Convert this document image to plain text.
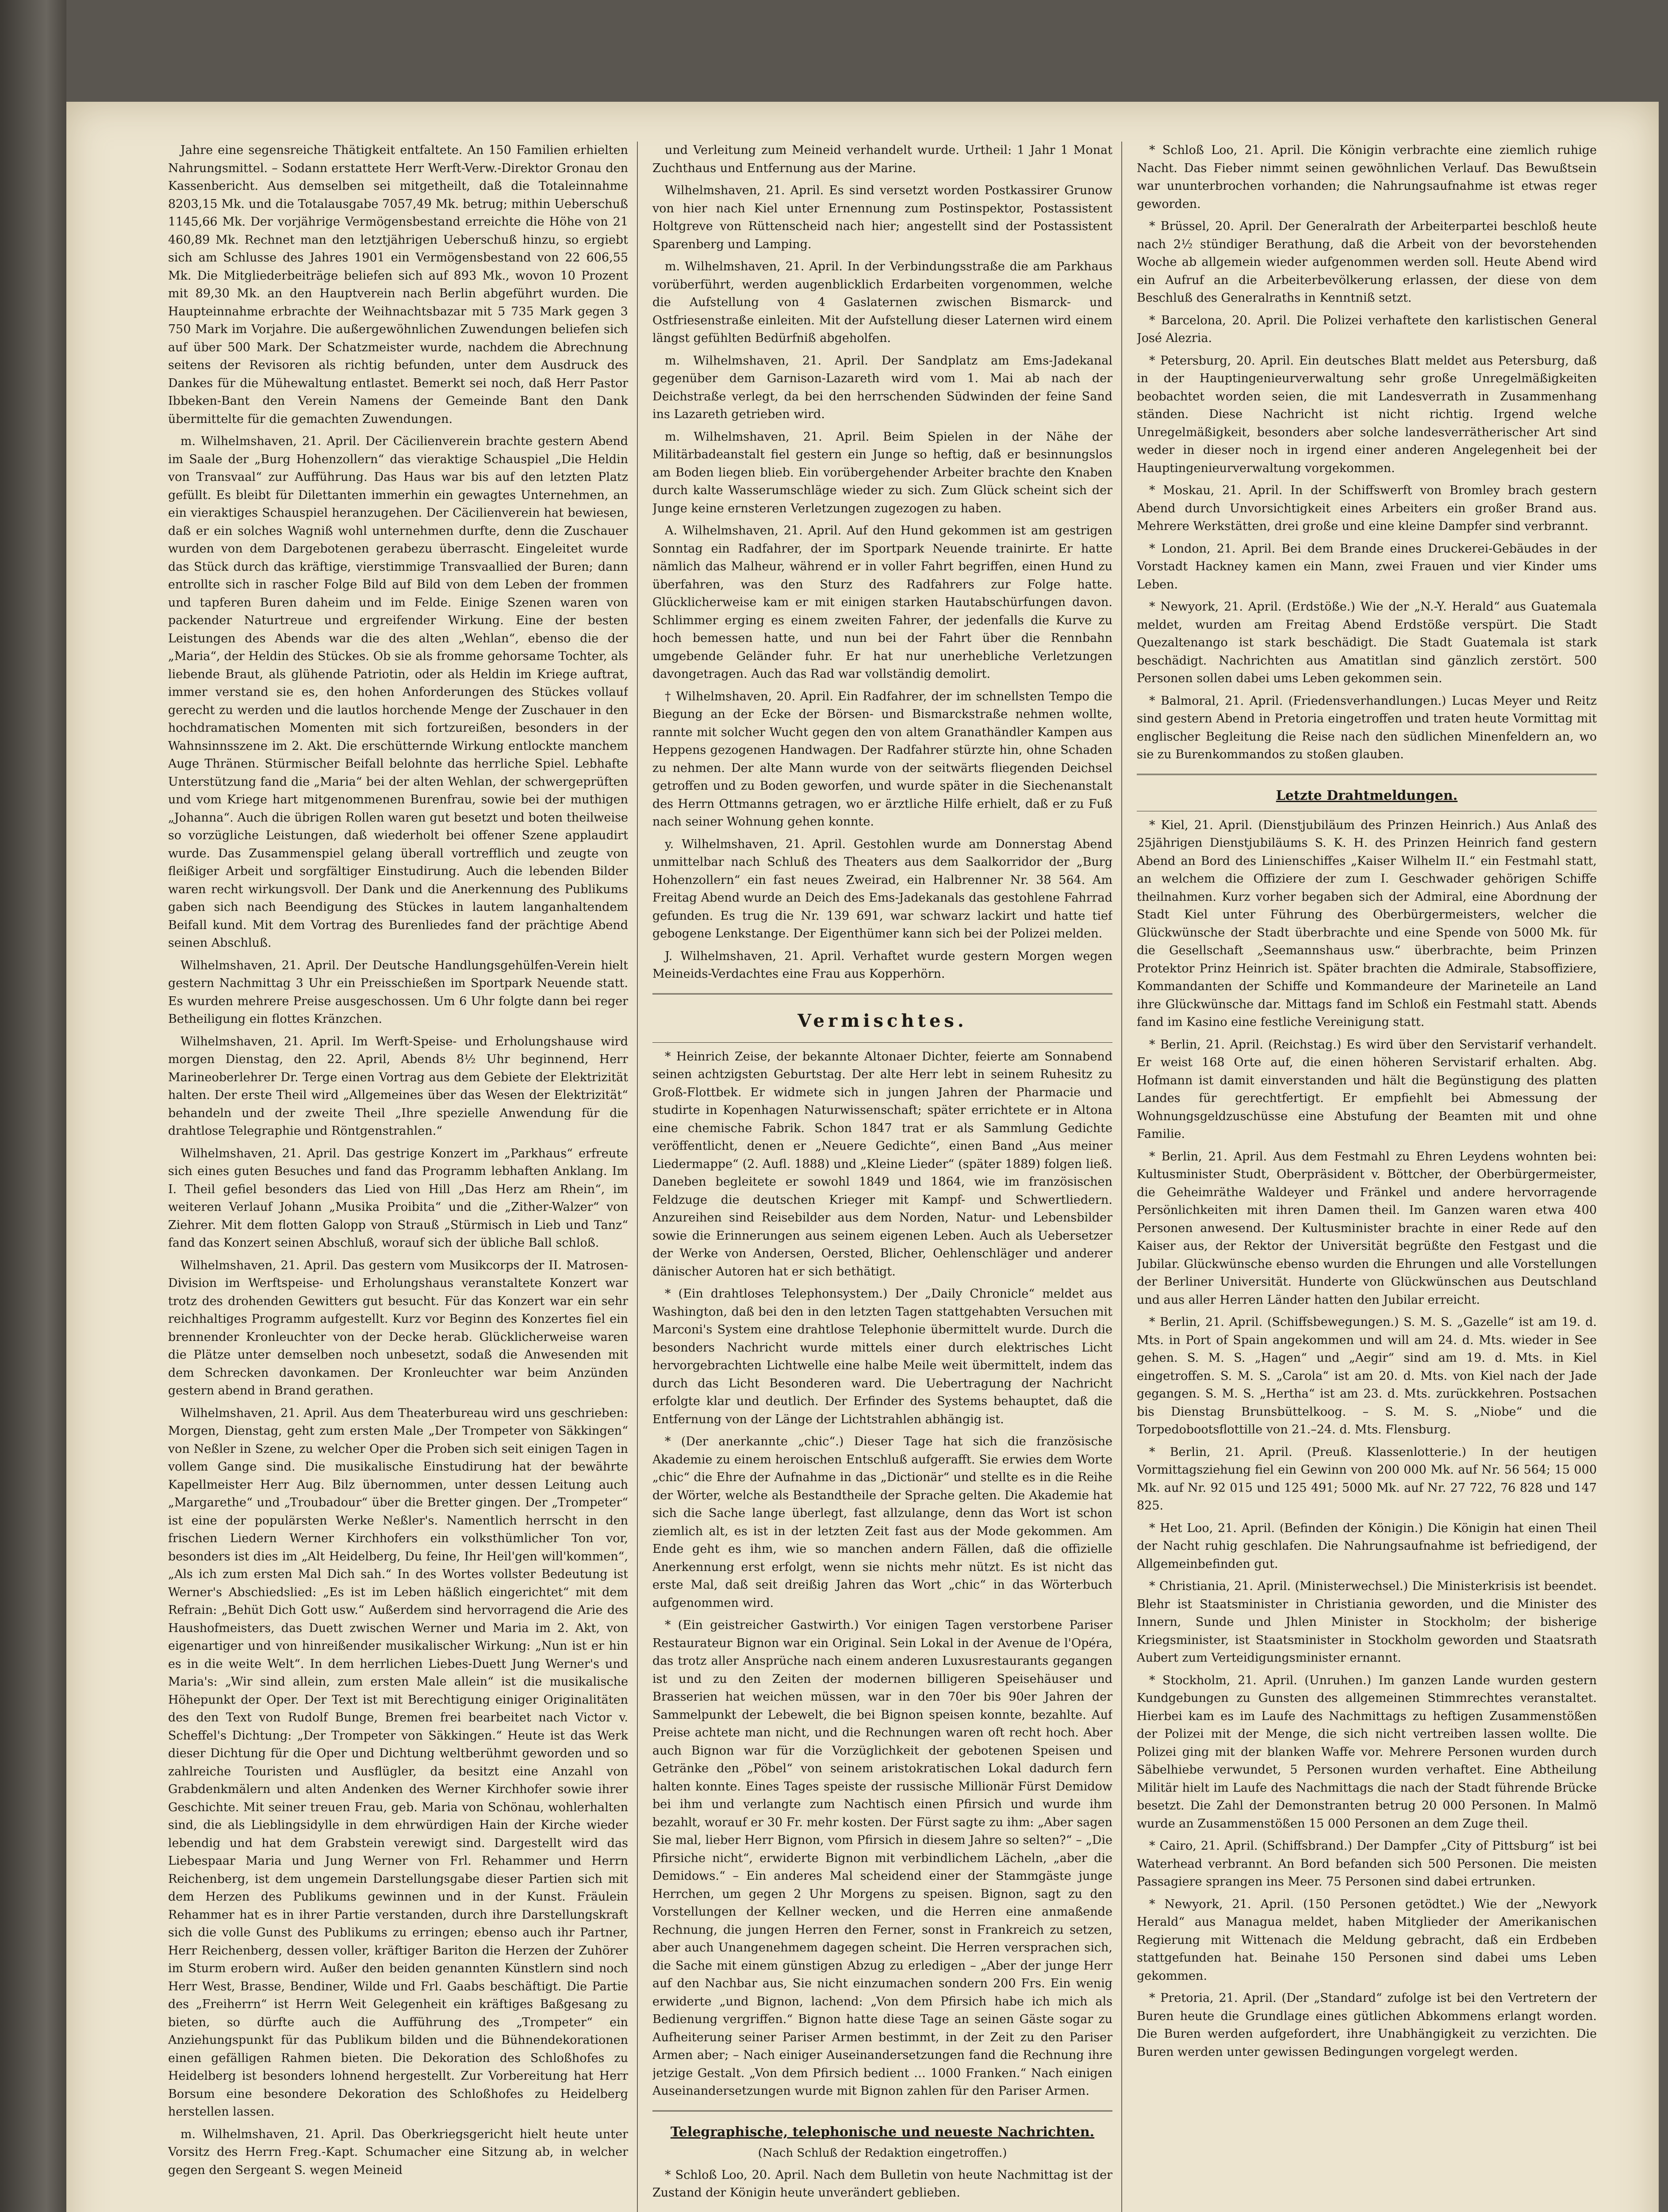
Jahre eine segensreiche Thätigkeit entfaltete. An 150 Familien erhielten Nahrungsmittel. – Sodann erstattete Herr Werft-Verw.-Direktor Gronau den Kassenbericht. Aus demselben sei mitgetheilt, daß die Totaleinnahme 8203,15 Mk. und die Totalausgabe 7057,49 Mk. betrug; mithin Ueberschuß 1145,66 Mk. Der vorjährige Vermögensbestand erreichte die Höhe von 21 460,89 Mk. Rechnet man den letztjährigen Ueberschuß hinzu, so ergiebt sich am Schlusse des Jahres 1901 ein Vermögensbestand von 22 606,55 Mk. Die Mitgliederbeiträge beliefen sich auf 893 Mk., wovon 10 Prozent mit 89,30 Mk. an den Hauptverein nach Berlin abgeführt wurden. Die Haupteinnahme erbrachte der Weihnachtsbazar mit 5 735 Mark gegen 3 750 Mark im Vorjahre. Die außergewöhnlichen Zuwendungen beliefen sich auf über 500 Mark. Der Schatzmeister wurde, nachdem die Abrechnung seitens der Revisoren als richtig befunden, unter dem Ausdruck des Dankes für die Mühewaltung entlastet. Bemerkt sei noch, daß Herr Pastor Ibbeken-Bant den Verein Namens der Gemeinde Bant den Dank übermittelte für die gemachten Zuwendungen.

m. Wilhelmshaven, 21. April. Der Cäcilienverein brachte gestern Abend im Saale der „Burg Hohenzollern“ das vieraktige Schauspiel „Die Heldin von Transvaal“ zur Aufführung. Das Haus war bis auf den letzten Platz gefüllt. Es bleibt für Dilettanten immerhin ein gewagtes Unternehmen, an ein vieraktiges Schauspiel heranzugehen. Der Cäcilienverein hat bewiesen, daß er ein solches Wagniß wohl unternehmen durfte, denn die Zuschauer wurden von dem Dargebotenen gerabezu überrascht. Eingeleitet wurde das Stück durch das kräftige, vierstimmige Transvaallied der Buren; dann entrollte sich in rascher Folge Bild auf Bild von dem Leben der frommen und tapferen Buren daheim und im Felde. Einige Szenen waren von packender Naturtreue und ergreifender Wirkung. Eine der besten Leistungen des Abends war die des alten „Wehlan“, ebenso die der „Maria“, der Heldin des Stückes. Ob sie als fromme gehorsame Tochter, als liebende Braut, als glühende Patriotin, oder als Heldin im Kriege auftrat, immer verstand sie es, den hohen Anforderungen des Stückes vollauf gerecht zu werden und die lautlos horchende Menge der Zuschauer in den hochdramatischen Momenten mit sich fortzureißen, besonders in der Wahnsinnsszene im 2. Akt. Die erschütternde Wirkung entlockte manchem Auge Thränen. Stürmischer Beifall belohnte das herrliche Spiel. Lebhafte Unterstützung fand die „Maria“ bei der alten Wehlan, der schwergeprüften und vom Kriege hart mitgenommenen Burenfrau, sowie bei der muthigen „Johanna“. Auch die übrigen Rollen waren gut besetzt und boten theilweise so vorzügliche Leistungen, daß wiederholt bei offener Szene applaudirt wurde. Das Zusammenspiel gelang überall vortrefflich und zeugte von fleißiger Arbeit und sorgfältiger Einstudirung. Auch die lebenden Bilder waren recht wirkungsvoll. Der Dank und die Anerkennung des Publikums gaben sich nach Beendigung des Stückes in lautem langanhaltendem Beifall kund. Mit dem Vortrag des Burenliedes fand der prächtige Abend seinen Abschluß.

Wilhelmshaven, 21. April. Der Deutsche Handlungsgehülfen-Verein hielt gestern Nachmittag 3 Uhr ein Preisschießen im Sportpark Neuende statt. Es wurden mehrere Preise ausgeschossen. Um 6 Uhr folgte dann bei reger Betheiligung ein flottes Kränzchen.

Wilhelmshaven, 21. April. Im Werft-Speise- und Erholungshause wird morgen Dienstag, den 22. April, Abends 8½ Uhr beginnend, Herr Marineoberlehrer Dr. Terge einen Vortrag aus dem Gebiete der Elektrizität halten. Der erste Theil wird „Allgemeines über das Wesen der Elektrizität“ behandeln und der zweite Theil „Ihre spezielle Anwendung für die drahtlose Telegraphie und Röntgenstrahlen.“

Wilhelmshaven, 21. April. Das gestrige Konzert im „Parkhaus“ erfreute sich eines guten Besuches und fand das Programm lebhaften Anklang. Im I. Theil gefiel besonders das Lied von Hill „Das Herz am Rhein“, im weiteren Verlauf Johann „Musika Proibita“ und die „Zither-Walzer“ von Ziehrer. Mit dem flotten Galopp von Strauß „Stürmisch in Lieb und Tanz“ fand das Konzert seinen Abschluß, worauf sich der übliche Ball schloß.

Wilhelmshaven, 21. April. Das gestern vom Musikcorps der II. Matrosen-Division im Werftspeise- und Erholungshaus veranstaltete Konzert war trotz des drohenden Gewitters gut besucht. Für das Konzert war ein sehr reichhaltiges Programm aufgestellt. Kurz vor Beginn des Konzertes fiel ein brennender Kronleuchter von der Decke herab. Glücklicherweise waren die Plätze unter demselben noch unbesetzt, sodaß die Anwesenden mit dem Schrecken davonkamen. Der Kronleuchter war beim Anzünden gestern abend in Brand gerathen.

Wilhelmshaven, 21. April. Aus dem Theaterbureau wird uns geschrieben: Morgen, Dienstag, geht zum ersten Male „Der Trompeter von Säkkingen“ von Neßler in Szene, zu welcher Oper die Proben sich seit einigen Tagen in vollem Gange sind. Die musikalische Einstudirung hat der bewährte Kapellmeister Herr Aug. Bilz übernommen, unter dessen Leitung auch „Margarethe“ und „Troubadour“ über die Bretter gingen. Der „Trompeter“ ist eine der populärsten Werke Neßler's. Namentlich herrscht in den frischen Liedern Werner Kirchhofers ein volksthümlicher Ton vor, besonders ist dies im „Alt Heidelberg, Du feine, Ihr Heil'gen will'kommen“, „Als ich zum ersten Mal Dich sah.“ In des Wortes vollster Bedeutung ist Werner's Abschiedslied: „Es ist im Leben häßlich eingerichtet“ mit dem Refrain: „Behüt Dich Gott usw.“ Außerdem sind hervorragend die Arie des Haushofmeisters, das Duett zwischen Werner und Maria im 2. Akt, von eigenartiger und von hinreißender musikalischer Wirkung: „Nun ist er hin es in die weite Welt“. In dem herrlichen Liebes-Duett Jung Werner's und Maria's: „Wir sind allein, zum ersten Male allein“ ist die musikalische Höhepunkt der Oper. Der Text ist mit Berechtigung einiger Originalitäten des den Text von Rudolf Bunge, Bremen frei bearbeitet nach Victor v. Scheffel's Dichtung: „Der Trompeter von Säkkingen.“ Heute ist das Werk dieser Dichtung für die Oper und Dichtung weltberühmt geworden und so zahlreiche Touristen und Ausflügler, da besitzt eine Anzahl von Grabdenkmälern und alten Andenken des Werner Kirchhofer sowie ihrer Geschichte. Mit seiner treuen Frau, geb. Maria von Schönau, wohlerhalten sind, die als Lieblingsidylle in dem ehrwürdigen Hain der Kirche wieder lebendig und hat dem Grabstein verewigt sind. Dargestellt wird das Liebespaar Maria und Jung Werner von Frl. Rehammer und Herrn Reichenberg, ist dem ungemein Darstellungsgabe dieser Partien sich mit dem Herzen des Publikums gewinnen und in der Kunst. Fräulein Rehammer hat es in ihrer Partie verstanden, durch ihre Darstellungskraft sich die volle Gunst des Publikums zu erringen; ebenso auch ihr Partner, Herr Reichenberg, dessen voller, kräftiger Bariton die Herzen der Zuhörer im Sturm erobern wird. Außer den beiden genannten Künstlern sind noch Herr West, Brasse, Bendiner, Wilde und Frl. Gaabs beschäftigt. Die Partie des „Freiherrn“ ist Herrn Weit Gelegenheit ein kräftiges Baßgesang zu bieten, so dürfte auch die Aufführung des „Trompeter“ ein Anziehungspunkt für das Publikum bilden und die Bühnendekorationen einen gefälligen Rahmen bieten. Die Dekoration des Schloßhofes zu Heidelberg ist besonders lohnend hergestellt. Zur Vorbereitung hat Herr Borsum eine besondere Dekoration des Schloßhofes zu Heidelberg herstellen lassen.

m. Wilhelmshaven, 21. April. Das Oberkriegsgericht hielt heute unter Vorsitz des Herrn Freg.-Kapt. Schumacher eine Sitzung ab, in welcher gegen den Sergeant S. wegen Meineid

und Verleitung zum Meineid verhandelt wurde. Urtheil: 1 Jahr 1 Monat Zuchthaus und Entfernung aus der Marine.

Wilhelmshaven, 21. April. Es sind versetzt worden Postkassirer Grunow von hier nach Kiel unter Ernennung zum Postinspektor, Postassistent Holtgreve von Rüttenscheid nach hier; angestellt sind der Postassistent Sparenberg und Lamping.

m. Wilhelmshaven, 21. April. In der Verbindungsstraße die am Parkhaus vorüberführt, werden augenblicklich Erdarbeiten vorgenommen, welche die Aufstellung von 4 Gaslaternen zwischen Bismarck- und Ostfriesenstraße einleiten. Mit der Aufstellung dieser Laternen wird einem längst gefühlten Bedürfniß abgeholfen.

m. Wilhelmshaven, 21. April. Der Sandplatz am Ems-Jadekanal gegenüber dem Garnison-Lazareth wird vom 1. Mai ab nach der Deichstraße verlegt, da bei den herrschenden Südwinden der feine Sand ins Lazareth getrieben wird.

m. Wilhelmshaven, 21. April. Beim Spielen in der Nähe der Militärbadeanstalt fiel gestern ein Junge so heftig, daß er besinnungslos am Boden liegen blieb. Ein vorübergehender Arbeiter brachte den Knaben durch kalte Wasserumschläge wieder zu sich. Zum Glück scheint sich der Junge keine ernsteren Verletzungen zugezogen zu haben.

A. Wilhelmshaven, 21. April. Auf den Hund gekommen ist am gestrigen Sonntag ein Radfahrer, der im Sportpark Neuende trainirte. Er hatte nämlich das Malheur, während er in voller Fahrt begriffen, einen Hund zu überfahren, was den Sturz des Radfahrers zur Folge hatte. Glücklicherweise kam er mit einigen starken Hautabschürfungen davon. Schlimmer erging es einem zweiten Fahrer, der jedenfalls die Kurve zu hoch bemessen hatte, und nun bei der Fahrt über die Rennbahn umgebende Geländer fuhr. Er hat nur unerhebliche Verletzungen davongetragen. Auch das Rad war vollständig demolirt.

† Wilhelmshaven, 20. April. Ein Radfahrer, der im schnellsten Tempo die Biegung an der Ecke der Börsen- und Bismarckstraße nehmen wollte, rannte mit solcher Wucht gegen den von altem Granathändler Kampen aus Heppens gezogenen Handwagen. Der Radfahrer stürzte hin, ohne Schaden zu nehmen. Der alte Mann wurde von der seitwärts fliegenden Deichsel getroffen und zu Boden geworfen, und wurde später in die Siechenanstalt des Herrn Ottmanns getragen, wo er ärztliche Hilfe erhielt, daß er zu Fuß nach seiner Wohnung gehen konnte.

y. Wilhelmshaven, 21. April. Gestohlen wurde am Donnerstag Abend unmittelbar nach Schluß des Theaters aus dem Saalkorridor der „Burg Hohenzollern“ ein fast neues Zweirad, ein Halbrenner Nr. 38 564. Am Freitag Abend wurde an Deich des Ems-Jadekanals das gestohlene Fahrrad gefunden. Es trug die Nr. 139 691, war schwarz lackirt und hatte tief gebogene Lenkstange. Der Eigenthümer kann sich bei der Polizei melden.

J. Wilhelmshaven, 21. April. Verhaftet wurde gestern Morgen wegen Meineids-Verdachtes eine Frau aus Kopperhörn.

Vermischtes.

* Heinrich Zeise, der bekannte Altonaer Dichter, feierte am Sonnabend seinen achtzigsten Geburtstag. Der alte Herr lebt in seinem Ruhesitz zu Groß-Flottbek. Er widmete sich in jungen Jahren der Pharmacie und studirte in Kopenhagen Naturwissenschaft; später errichtete er in Altona eine chemische Fabrik. Schon 1847 trat er als Sammlung Gedichte veröffentlicht, denen er „Neuere Gedichte“, einen Band „Aus meiner Liedermappe“ (2. Aufl. 1888) und „Kleine Lieder“ (später 1889) folgen ließ. Daneben begleitete er sowohl 1849 und 1864, wie im französischen Feldzuge die deutschen Krieger mit Kampf- und Schwertliedern. Anzureihen sind Reisebilder aus dem Norden, Natur- und Lebensbilder sowie die Erinnerungen aus seinem eigenen Leben. Auch als Uebersetzer der Werke von Andersen, Oersted, Blicher, Oehlenschläger und anderer dänischer Autoren hat er sich bethätigt.

* (Ein drahtloses Telephonsystem.) Der „Daily Chronicle“ meldet aus Washington, daß bei den in den letzten Tagen stattgehabten Versuchen mit Marconi's System eine drahtlose Telephonie übermittelt wurde. Durch die besonders Nachricht wurde mittels einer durch elektrisches Licht hervorgebrachten Lichtwelle eine halbe Meile weit übermittelt, indem das durch das Licht Besonderen ward. Die Uebertragung der Nachricht erfolgte klar und deutlich. Der Erfinder des Systems behauptet, daß die Entfernung von der Länge der Lichtstrahlen abhängig ist.

* (Der anerkannte „chic“.) Dieser Tage hat sich die französische Akademie zu einem heroischen Entschluß aufgerafft. Sie erwies dem Worte „chic“ die Ehre der Aufnahme in das „Dictionär“ und stellte es in die Reihe der Wörter, welche als Bestandtheile der Sprache gelten. Die Akademie hat sich die Sache lange überlegt, fast allzulange, denn das Wort ist schon ziemlich alt, es ist in der letzten Zeit fast aus der Mode gekommen. Am Ende geht es ihm, wie so manchen andern Fällen, daß die offizielle Anerkennung erst erfolgt, wenn sie nichts mehr nützt. Es ist nicht das erste Mal, daß seit dreißig Jahren das Wort „chic“ in das Wörterbuch aufgenommen wird.

* (Ein geistreicher Gastwirth.) Vor einigen Tagen verstorbene Pariser Restaurateur Bignon war ein Original. Sein Lokal in der Avenue de l'Opéra, das trotz aller Ansprüche nach einem anderen Luxusrestaurants gegangen ist und zu den Zeiten der modernen billigeren Speisehäuser und Brasserien hat weichen müssen, war in den 70er bis 90er Jahren der Sammelpunkt der Lebewelt, die bei Bignon speisen konnte, bezahlte. Auf Preise achtete man nicht, und die Rechnungen waren oft recht hoch. Aber auch Bignon war für die Vorzüglichkeit der gebotenen Speisen und Getränke den „Pöbel“ von seinem aristokratischen Lokal dadurch fern halten konnte. Eines Tages speiste der russische Millionär Fürst Demidow bei ihm und verlangte zum Nachtisch einen Pfirsich und wurde ihm bezahlt, worauf er 30 Fr. mehr kosten. Der Fürst sagte zu ihm: „Aber sagen Sie mal, lieber Herr Bignon, vom Pfirsich in diesem Jahre so selten?“ – „Die Pfirsiche nicht“, erwiderte Bignon mit verbindlichem Lächeln, „aber die Demidows.“ – Ein anderes Mal scheidend einer der Stammgäste junge Herrchen, um gegen 2 Uhr Morgens zu speisen. Bignon, sagt zu den Vorstellungen der Kellner wecken, und die Herren eine anmaßende Rechnung, die jungen Herren den Ferner, sonst in Frankreich zu setzen, aber auch Unangenehmem dagegen scheint. Die Herren versprachen sich, die Sache mit einem günstigen Abzug zu erledigen – „Aber der junge Herr auf den Nachbar aus, Sie nicht einzumachen sondern 200 Frs. Ein wenig erwiderte „und Bignon, lachend: „Von dem Pfirsich habe ich mich als Bedienung vergriffen.“ Bignon hatte diese Tage an seinen Gäste sogar zu Aufheiterung seiner Pariser Armen bestimmt, in der Zeit zu den Pariser Armen aber; – Nach einiger Auseinandersetzungen fand die Rechnung ihre jetzige Gestalt. „Von dem Pfirsich bedient … 1000 Franken.“ Nach einigen Auseinandersetzungen wurde mit Bignon zahlen für den Pariser Armen.

Telegraphische, telephonische und neueste Nachrichten.
(Nach Schluß der Redaktion eingetroffen.)

* Schloß Loo, 20. April. Nach dem Bulletin von heute Nachmittag ist der Zustand der Königin heute unverändert geblieben.

* Schloß Loo, 21. April. Die Königin verbrachte eine ziemlich ruhige Nacht. Das Fieber nimmt seinen gewöhnlichen Verlauf. Das Bewußtsein war ununterbrochen vorhanden; die Nahrungsaufnahme ist etwas reger geworden.

* Brüssel, 20. April. Der Generalrath der Arbeiterpartei beschloß heute nach 2½ stündiger Berathung, daß die Arbeit von der bevorstehenden Woche ab allgemein wieder aufgenommen werden soll. Heute Abend wird ein Aufruf an die Arbeiterbevölkerung erlassen, der diese von dem Beschluß des Generalraths in Kenntniß setzt.

* Barcelona, 20. April. Die Polizei verhaftete den karlistischen General José Alezria.

* Petersburg, 20. April. Ein deutsches Blatt meldet aus Petersburg, daß in der Hauptingenieurverwaltung sehr große Unregelmäßigkeiten beobachtet worden seien, die mit Landesverrath in Zusammenhang ständen. Diese Nachricht ist nicht richtig. Irgend welche Unregelmäßigkeit, besonders aber solche landesverrätherischer Art sind weder in dieser noch in irgend einer anderen Angelegenheit bei der Hauptingenieurverwaltung vorgekommen.

* Moskau, 21. April. In der Schiffswerft von Bromley brach gestern Abend durch Unvorsichtigkeit eines Arbeiters ein großer Brand aus. Mehrere Werkstätten, drei große und eine kleine Dampfer sind verbrannt.

* London, 21. April. Bei dem Brande eines Druckerei-Gebäudes in der Vorstadt Hackney kamen ein Mann, zwei Frauen und vier Kinder ums Leben.

* Newyork, 21. April. (Erdstöße.) Wie der „N.-Y. Herald“ aus Guatemala meldet, wurden am Freitag Abend Erdstöße verspürt. Die Stadt Quezaltenango ist stark beschädigt. Die Stadt Guatemala ist stark beschädigt. Nachrichten aus Amatitlan sind gänzlich zerstört. 500 Personen sollen dabei ums Leben gekommen sein.

* Balmoral, 21. April. (Friedensverhandlungen.) Lucas Meyer und Reitz sind gestern Abend in Pretoria eingetroffen und traten heute Vormittag mit englischer Begleitung die Reise nach den südlichen Minenfeldern an, wo sie zu Burenkommandos zu stoßen glauben.

Letzte Drahtmeldungen.

* Kiel, 21. April. (Dienstjubiläum des Prinzen Heinrich.) Aus Anlaß des 25jährigen Dienstjubiläums S. K. H. des Prinzen Heinrich fand gestern Abend an Bord des Linienschiffes „Kaiser Wilhelm II.“ ein Festmahl statt, an welchem die Offiziere der zum I. Geschwader gehörigen Schiffe theilnahmen. Kurz vorher begaben sich der Admiral, eine Abordnung der Stadt Kiel unter Führung des Oberbürgermeisters, welcher die Glückwünsche der Stadt überbrachte und eine Spende von 5000 Mk. für die Gesellschaft „Seemannshaus usw.“ überbrachte, beim Prinzen Protektor Prinz Heinrich ist. Später brachten die Admirale, Stabsoffiziere, Kommandanten der Schiffe und Kommandeure der Marineteile an Land ihre Glückwünsche dar. Mittags fand im Schloß ein Festmahl statt. Abends fand im Kasino eine festliche Vereinigung statt.

* Berlin, 21. April. (Reichstag.) Es wird über den Servistarif verhandelt. Er weist 168 Orte auf, die einen höheren Servistarif erhalten. Abg. Hofmann ist damit einverstanden und hält die Begünstigung des platten Landes für gerechtfertigt. Er empfiehlt bei Abmessung der Wohnungsgeldzuschüsse eine Abstufung der Beamten mit und ohne Familie.

* Berlin, 21. April. Aus dem Festmahl zu Ehren Leydens wohnten bei: Kultusminister Studt, Oberpräsident v. Böttcher, der Oberbürgermeister, die Geheimräthe Waldeyer und Fränkel und andere hervorragende Persönlichkeiten mit ihren Damen theil. Im Ganzen waren etwa 400 Personen anwesend. Der Kultusminister brachte in einer Rede auf den Kaiser aus, der Rektor der Universität begrüßte den Festgast und die Jubilar. Glückwünsche ebenso wurden die Ehrungen und alle Vorstellungen der Berliner Universität. Hunderte von Glückwünschen aus Deutschland und aus aller Herren Länder hatten den Jubilar erreicht.

* Berlin, 21. April. (Schiffsbewegungen.) S. M. S. „Gazelle“ ist am 19. d. Mts. in Port of Spain angekommen und will am 24. d. Mts. wieder in See gehen. S. M. S. „Hagen“ und „Aegir“ sind am 19. d. Mts. in Kiel eingetroffen. S. M. S. „Carola“ ist am 20. d. Mts. von Kiel nach der Jade gegangen. S. M. S. „Hertha“ ist am 23. d. Mts. zurückkehren. Postsachen bis Dienstag Brunsbüttelkoog. – S. M. S. „Niobe“ und die Torpedobootsflottille von 21.–24. d. Mts. Flensburg.

* Berlin, 21. April. (Preuß. Klassenlotterie.) In der heutigen Vormittagsziehung fiel ein Gewinn von 200 000 Mk. auf Nr. 56 564; 15 000 Mk. auf Nr. 92 015 und 125 491; 5000 Mk. auf Nr. 27 722, 76 828 und 147 825.

* Het Loo, 21. April. (Befinden der Königin.) Die Königin hat einen Theil der Nacht ruhig geschlafen. Die Nahrungsaufnahme ist befriedigend, der Allgemeinbefinden gut.

* Christiania, 21. April. (Ministerwechsel.) Die Ministerkrisis ist beendet. Blehr ist Staatsminister in Christiania geworden, und die Minister des Innern, Sunde und Jhlen Minister in Stockholm; der bisherige Kriegsminister, ist Staatsminister in Stockholm geworden und Staatsrath Aubert zum Verteidigungsminister ernannt.

* Stockholm, 21. April. (Unruhen.) Im ganzen Lande wurden gestern Kundgebungen zu Gunsten des allgemeinen Stimmrechtes veranstaltet. Hierbei kam es im Laufe des Nachmittags zu heftigen Zusammenstößen der Polizei mit der Menge, die sich nicht vertreiben lassen wollte. Die Polizei ging mit der blanken Waffe vor. Mehrere Personen wurden durch Säbelhiebe verwundet, 5 Personen wurden verhaftet. Eine Abtheilung Militär hielt im Laufe des Nachmittags die nach der Stadt führende Brücke besetzt. Die Zahl der Demonstranten betrug 20 000 Personen. In Malmö wurde an Zusammenstößen 15 000 Personen an dem Zuge theil.

* Cairo, 21. April. (Schiffsbrand.) Der Dampfer „City of Pittsburg“ ist bei Waterhead verbrannt. An Bord befanden sich 500 Personen. Die meisten Passagiere sprangen ins Meer. 75 Personen sind dabei ertrunken.

* Newyork, 21. April. (150 Personen getödtet.) Wie der „Newyork Herald“ aus Managua meldet, haben Mitglieder der Amerikanischen Regierung mit Wittenach die Meldung gebracht, daß ein Erdbeben stattgefunden hat. Beinahe 150 Personen sind dabei ums Leben gekommen.

* Pretoria, 21. April. (Der „Standard“ zufolge ist bei den Vertretern der Buren heute die Grundlage eines gütlichen Abkommens erlangt worden. Die Buren werden aufgefordert, ihre Unabhängigkeit zu verzichten. Die Buren werden unter gewissen Bedingungen vorgelegt werden.
